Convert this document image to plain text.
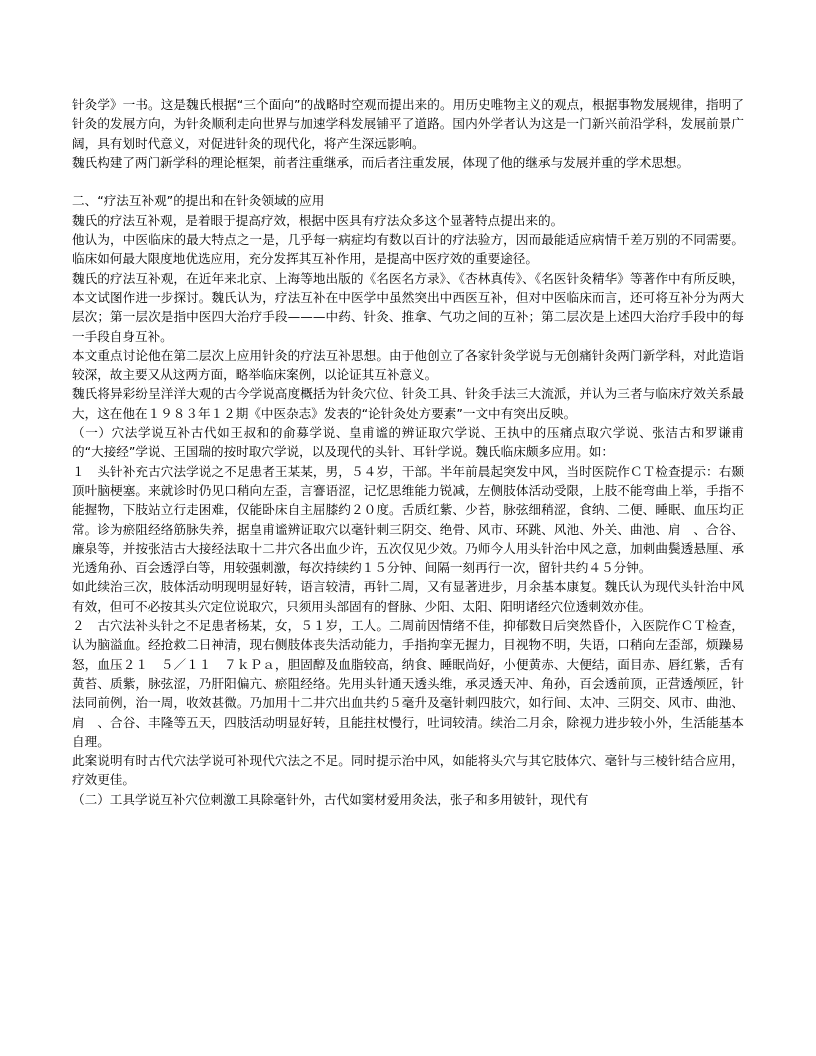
针灸学》一书。这是魏氏根据“三个面向”的战略时空观而提出来的。用历史唯物主义的观点，根据事物发展规律，指明了针灸的发展方向，为针灸顺利走向世界与加速学科发展铺平了道路。国内外学者认为这是一门新兴前沿学科，发展前景广阔，具有划时代意义，对促进针灸的现代化，将产生深远影响。

魏氏构建了两门新学科的理论框架，前者注重继承，而后者注重发展，体现了他的继承与发展并重的学术思想。

二、“疗法互补观”的提出和在针灸领域的应用

魏氏的疗法互补观，是着眼于提高疗效，根据中医具有疗法众多这个显著特点提出来的。

他认为，中医临床的最大特点之一是，几乎每一病症均有数以百计的疗法验方，因而最能适应病情千差万别的不同需要。临床如何最大限度地优选应用，充分发挥其互补作用，是提高中医疗效的重要途径。

魏氏的疗法互补观，在近年来北京、上海等地出版的《名医名方录》、《杏林真传》、《名医针灸精华》等著作中有所反映，本文试图作进一步探讨。魏氏认为，疗法互补在中医学中虽然突出中西医互补，但对中医临床而言，还可将互补分为两大层次；第一层次是指中医四大治疗手段———中药、针灸、推拿、气功之间的互补；第二层次是上述四大治疗手段中的每一手段自身互补。

本文重点讨论他在第二层次上应用针灸的疗法互补思想。由于他创立了各家针灸学说与无创痛针灸两门新学科，对此造诣较深，故主要又从这两方面，略举临床案例，以论证其互补意义。

魏氏将异彩纷呈洋洋大观的古今学说高度概括为针灸穴位、针灸工具、针灸手法三大流派，并认为三者与临床疗效关系最大，这在他在１９８３年１２期《中医杂志》发表的“论针灸处方要素”一文中有突出反映。

（一）穴法学说互补古代如王叔和的俞募学说、皇甫谧的辨证取穴学说、王执中的压痛点取穴学说、张洁古和罗谦甫的“大接经”学说、王国瑞的按时取穴学说，以及现代的头针、耳针学说。魏氏临床颇多应用。如：

１　头针补充古穴法学说之不足患者王某某，男，５４岁，干部。半年前晨起突发中风，当时医院作ＣＴ检查提示：右颞顶叶脑梗塞。来就诊时仍见口稍向左歪，言謇语涩，记忆思维能力锐减，左侧肢体活动受限，上肢不能弯曲上举，手指不能握物，下肢站立行走困难，仅能卧床自主屈膝约２０度。舌质红紫、少苔，脉弦细稍涩，食纳、二便、睡眠、血压均正常。诊为瘀阻经络筋脉失养，据皇甫谧辨证取穴以毫针刺三阴交、绝骨、风市、环跳、风池、外关、曲池、肩　、合谷、廉泉等，并按张洁古大接经法取十二井穴各出血少许，五次仅见少效。乃师今人用头针治中风之意，加刺曲鬓透悬厘、承光透角孙、百会透浮白等，用较强刺激，每次持续约１５分钟、间隔一刻再行一次，留针共约４５分钟。

如此续治三次，肢体活动明现明显好转，语言较清，再针二周，又有显著进步，月余基本康复。魏氏认为现代头针治中风有效，但可不必按其头穴定位说取穴，只须用头部固有的督脉、少阳、太阳、阳明诸经穴位透刺效亦佳。

２　古穴法补头针之不足患者杨某，女，５１岁，工人。二周前因情绪不佳，抑郁数日后突然昏仆，入医院作ＣＴ检查，认为脑溢血。经抢救二日神清，现右侧肢体丧失活动能力，手指拘挛无握力，目视物不明，失语，口稍向左歪部，烦躁易怒，血压２１　５／１１　７ｋＰａ，胆固醇及血脂较高，纳食、睡眠尚好，小便黄赤、大便结，面目赤、唇红紫，舌有黄苔、质紫，脉弦涩，乃肝阳偏亢、瘀阻经络。先用头针通天透头维，承灵透天冲、角孙，百会透前顶，正营透颅匠，针法同前例，治一周，收效甚微。乃加用十二井穴出血共约５毫升及毫针刺四肢穴，如行间、太冲、三阴交、风市、曲池、肩　、合谷、丰隆等五天，四肢活动明显好转，且能拄杖慢行，吐词较清。续治二月余，除视力进步较小外，生活能基本自理。

此案说明有时古代穴法学说可补现代穴法之不足。同时提示治中风，如能将头穴与其它肢体穴、毫针与三棱针结合应用，疗效更佳。

（二）工具学说互补穴位刺激工具除毫针外，古代如窦材爱用灸法，张子和多用铍针，现代有
